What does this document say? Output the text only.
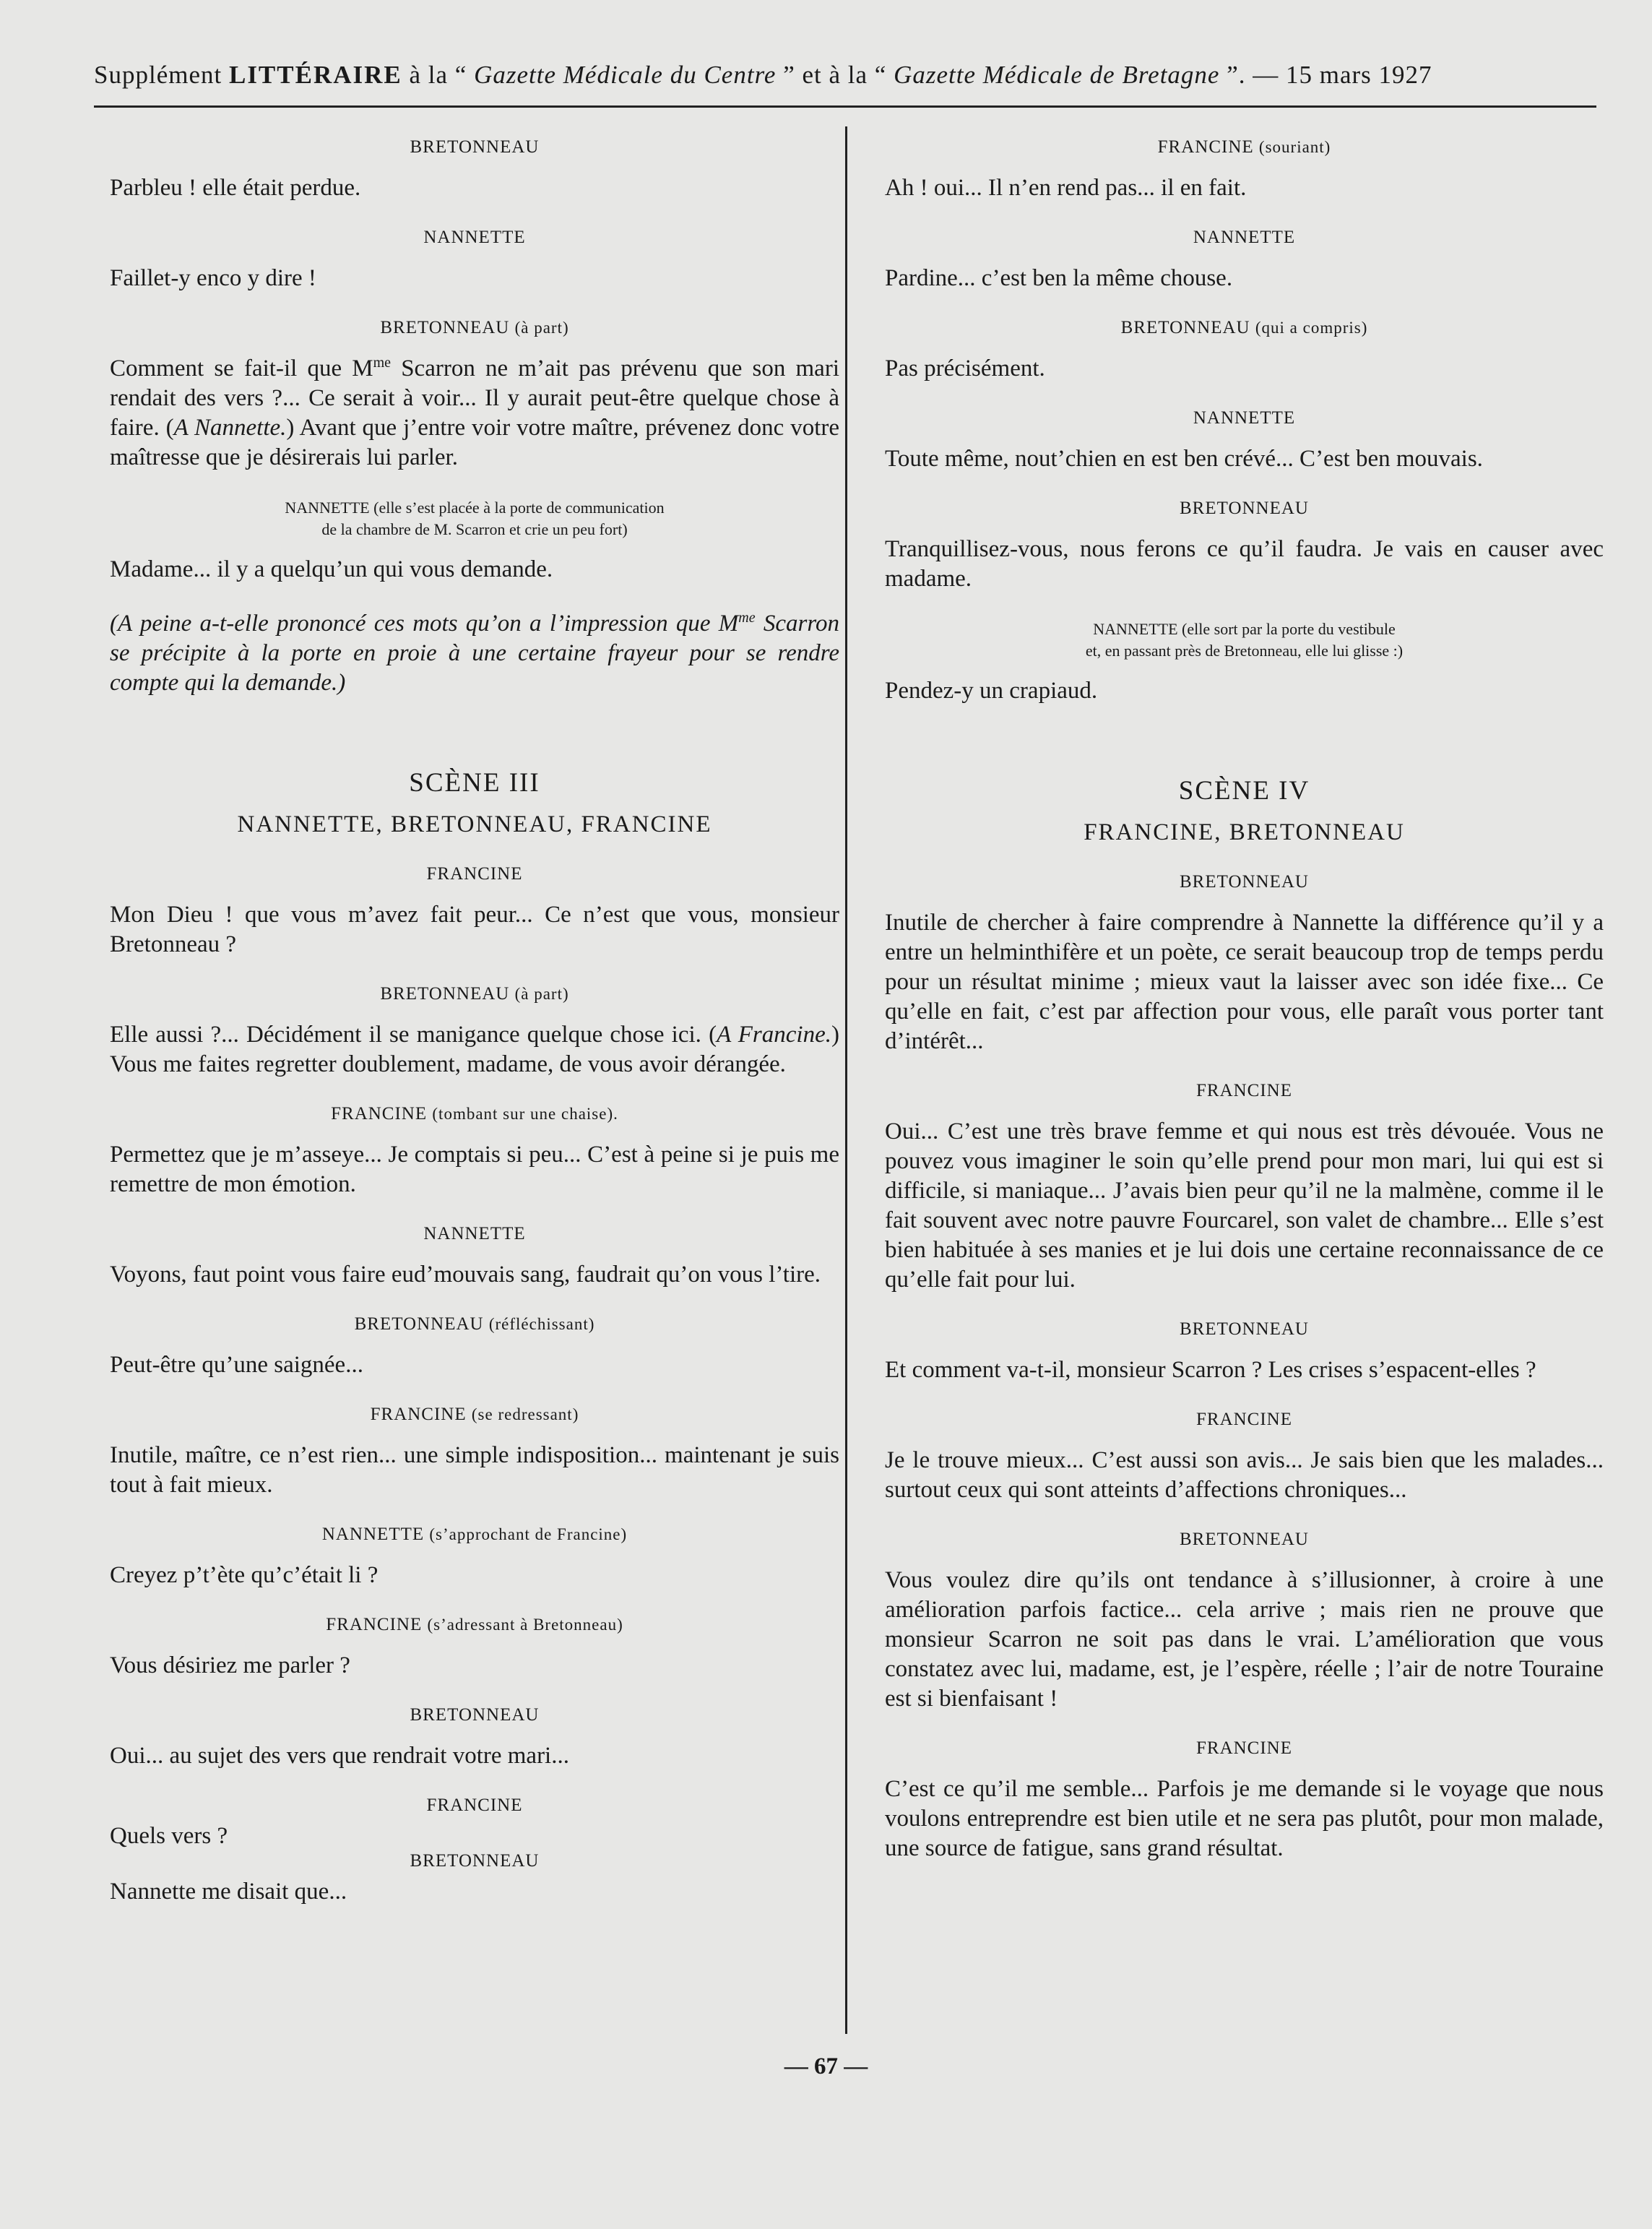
Supplément LITTÉRAIRE à la “ Gazette Médicale du Centre ” et à la “ Gazette Médicale de Bretagne ”. — 15 mars 1927

BRETONNEAU

Parbleu ! elle était perdue.

NANNETTE

Faillet-y enco y dire !

BRETONNEAU (à part)

Comment se fait-il que $M^{me}$ Scarron ne m’ait pas prévenu que son mari rendait des vers ?... Ce serait à voir... Il y aurait peut-être quelque chose à faire. (A Nannette.) Avant que j’entre voir votre maître, prévenez donc votre maîtresse que je désirerais lui parler.

NANNETTE (elle s’est placée à la porte de communication
de la chambre de M. Scarron et crie un peu fort)

Madame... il y a quelqu’un qui vous demande.

(A peine a-t-elle prononcé ces mots qu’on a l’impression que $M^{me}$ Scarron se précipite à la porte en proie à une certaine frayeur pour se rendre compte qui la demande.)

SCÈNE III

NANNETTE, BRETONNEAU, FRANCINE

FRANCINE

Mon Dieu ! que vous m’avez fait peur... Ce n’est que vous, monsieur Bretonneau ?

BRETONNEAU (à part)

Elle aussi ?... Décidément il se manigance quelque chose ici. (A Francine.) Vous me faites regretter doublement, madame, de vous avoir dérangée.

FRANCINE (tombant sur une chaise).

Permettez que je m’asseye... Je comptais si peu... C’est à peine si je puis me remettre de mon émotion.

NANNETTE

Voyons, faut point vous faire eud’mouvais sang, faudrait qu’on vous l’tire.

BRETONNEAU (réfléchissant)

Peut-être qu’une saignée...

FRANCINE (se redressant)

Inutile, maître, ce n’est rien... une simple indisposition... maintenant je suis tout à fait mieux.

NANNETTE (s’approchant de Francine)

Creyez p’t’ète qu’c’était li ?

FRANCINE (s’adressant à Bretonneau)

Vous désiriez me parler ?

BRETONNEAU

Oui... au sujet des vers que rendrait votre mari...

FRANCINE

Quels vers ?

BRETONNEAU

Nannette me disait que...

FRANCINE (souriant)

Ah ! oui... Il n’en rend pas... il en fait.

NANNETTE

Pardine... c’est ben la même chouse.

BRETONNEAU (qui a compris)

Pas précisément.

NANNETTE

Toute même, nout’chien en est ben crévé... C’est ben mouvais.

BRETONNEAU

Tranquillisez-vous, nous ferons ce qu’il faudra. Je vais en causer avec madame.

NANNETTE (elle sort par la porte du vestibule
et, en passant près de Bretonneau, elle lui glisse :)

Pendez-y un crapiaud.

SCÈNE IV

FRANCINE, BRETONNEAU

BRETONNEAU

Inutile de chercher à faire comprendre à Nannette la différence qu’il y a entre un helminthifère et un poète, ce serait beaucoup trop de temps perdu pour un résultat minime ; mieux vaut la laisser avec son idée fixe... Ce qu’elle en fait, c’est par affection pour vous, elle paraît vous porter tant d’intérêt...

FRANCINE

Oui... C’est une très brave femme et qui nous est très dévouée. Vous ne pouvez vous imaginer le soin qu’elle prend pour mon mari, lui qui est si difficile, si maniaque... J’avais bien peur qu’il ne la malmène, comme il le fait souvent avec notre pauvre Fourcarel, son valet de chambre... Elle s’est bien habituée à ses manies et je lui dois une certaine reconnaissance de ce qu’elle fait pour lui.

BRETONNEAU

Et comment va-t-il, monsieur Scarron ? Les crises s’espacent-elles ?

FRANCINE

Je le trouve mieux... C’est aussi son avis... Je sais bien que les malades... surtout ceux qui sont atteints d’affections chroniques...

BRETONNEAU

Vous voulez dire qu’ils ont tendance à s’illusionner, à croire à une amélioration parfois factice... cela arrive ; mais rien ne prouve que monsieur Scarron ne soit pas dans le vrai. L’amélioration que vous constatez avec lui, madame, est, je l’espère, réelle ; l’air de notre Touraine est si bienfaisant !

FRANCINE

C’est ce qu’il me semble... Parfois je me demande si le voyage que nous voulons entreprendre est bien utile et ne sera pas plutôt, pour mon malade, une source de fatigue, sans grand résultat.

— 67 —
